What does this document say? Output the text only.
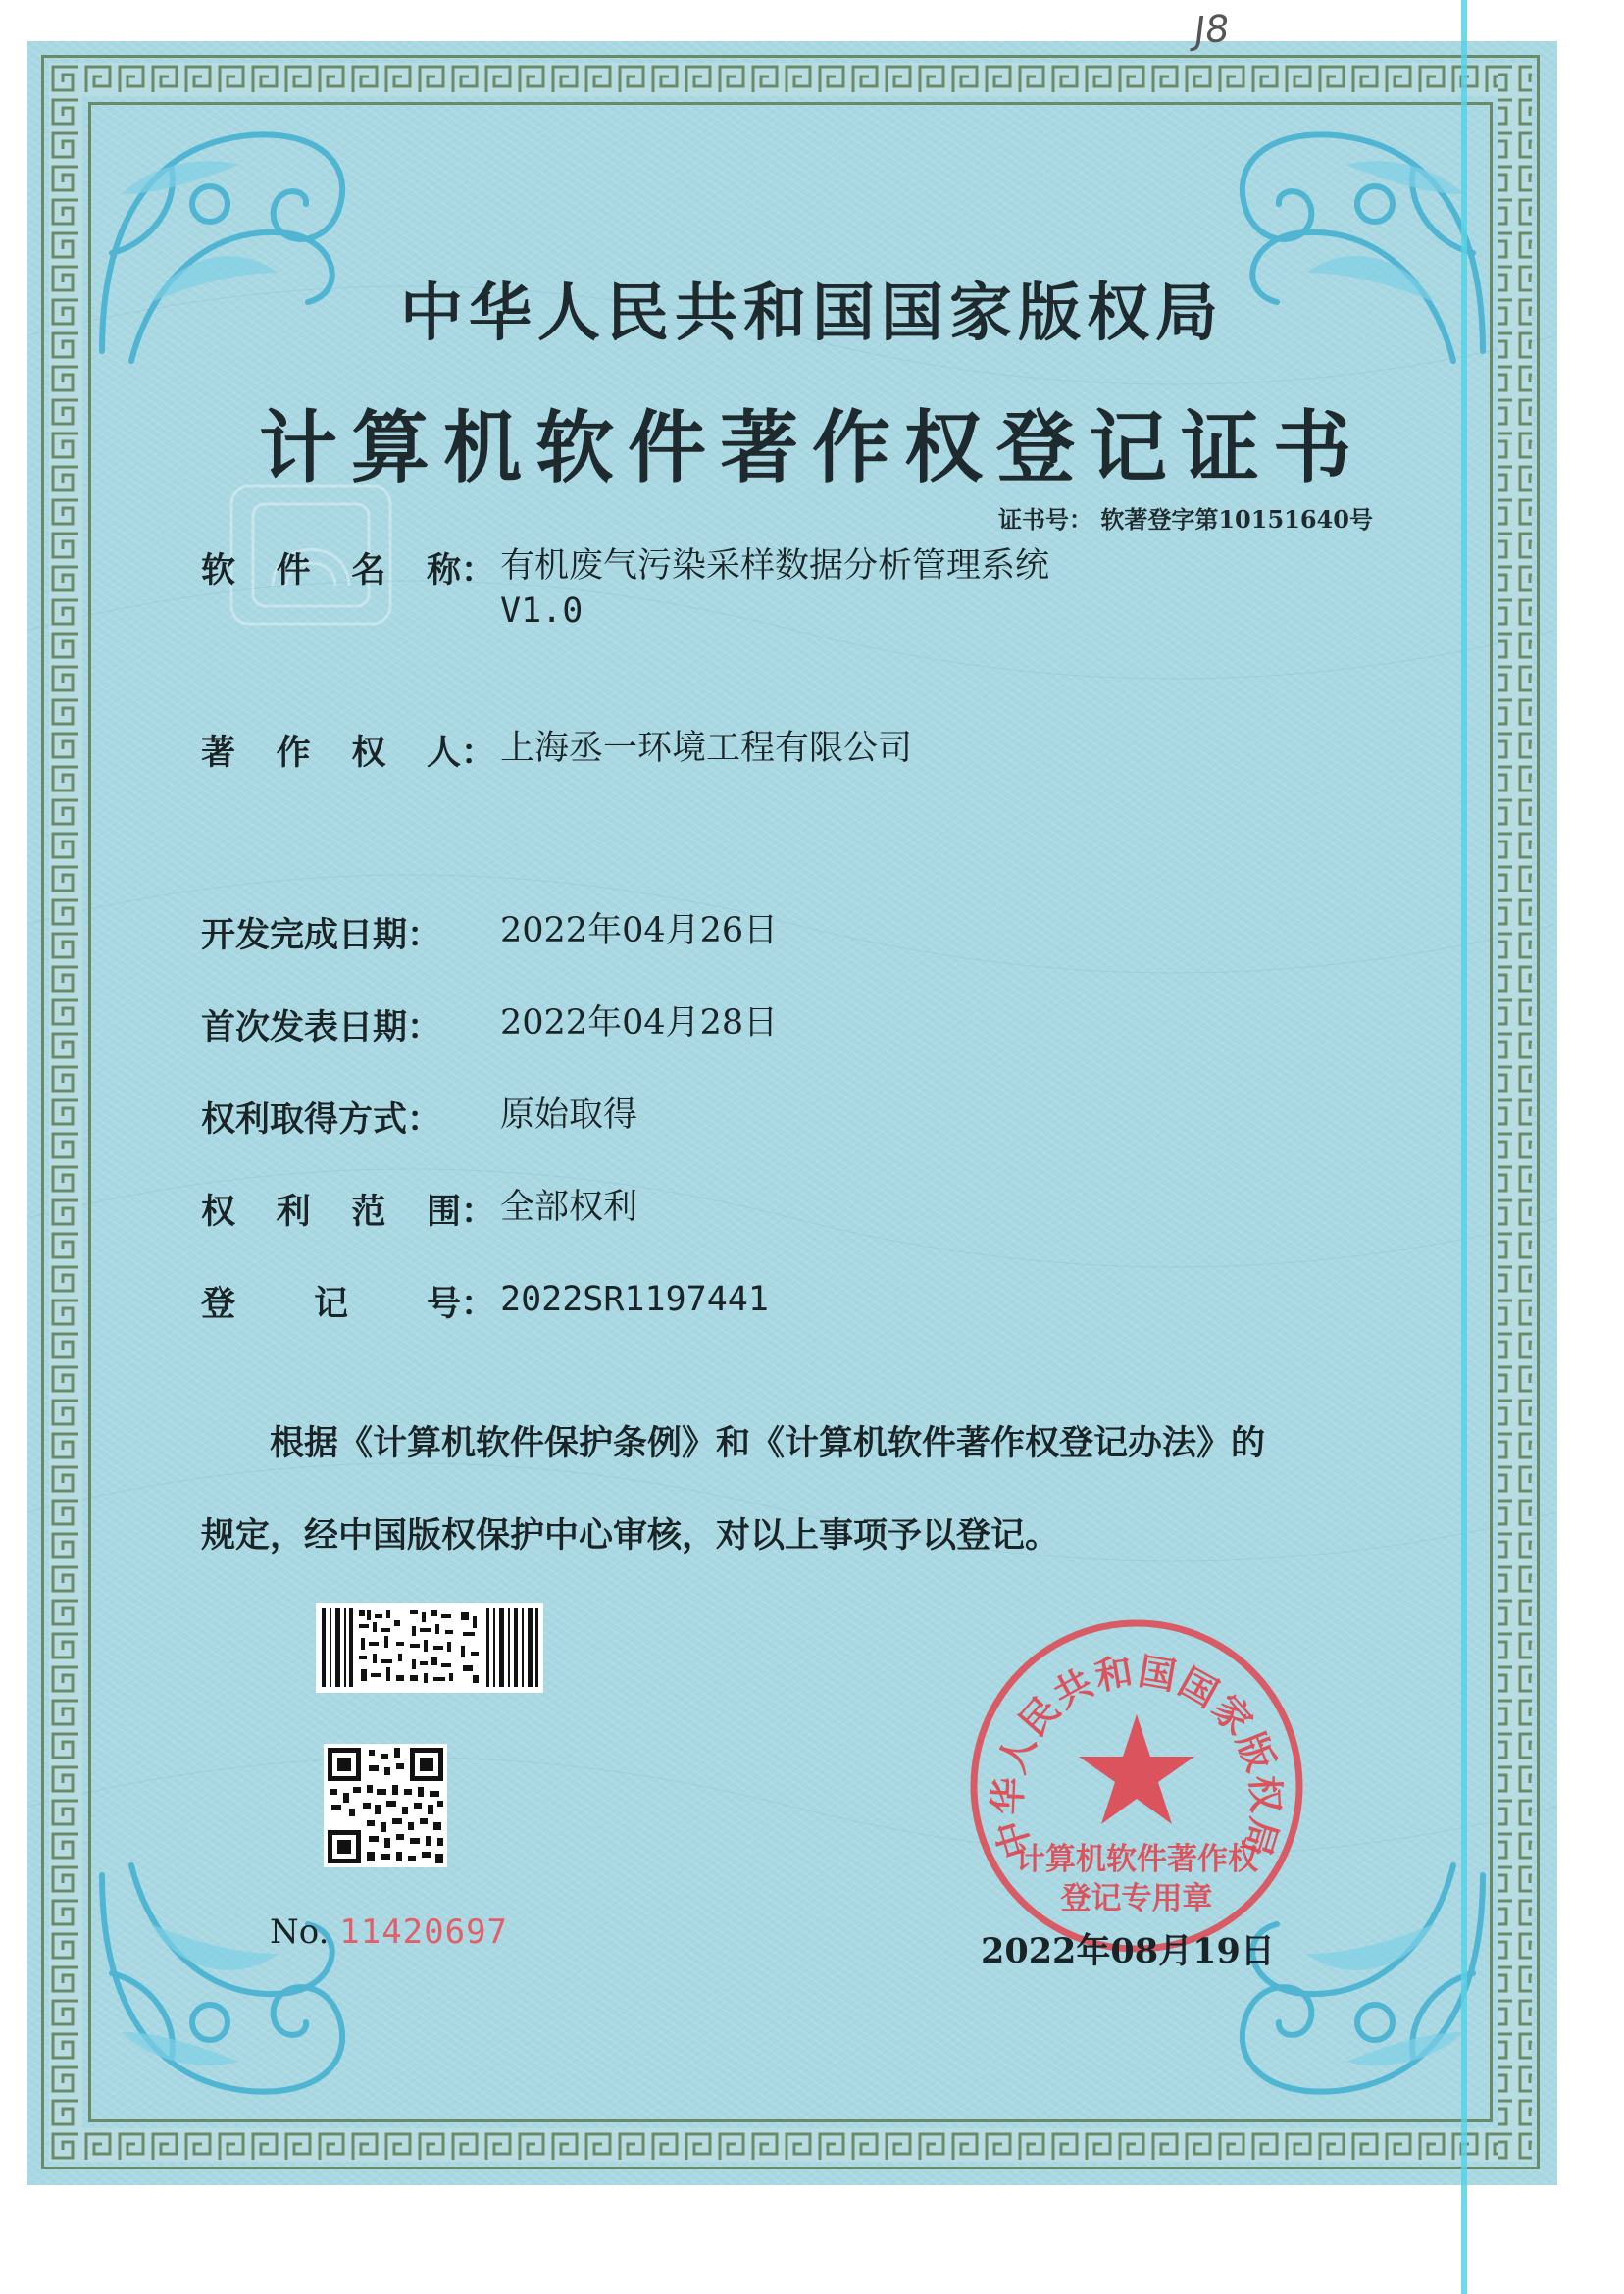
J8
中华人民共和国国家版权局
计算机软件著作权登记证书
证书号： 软著登字第10151640号
软 件 名 称： 有机废气污染采样数据分析管理系统
V1.0
著 作 权 人： 上海丞一环境工程有限公司
开发完成日期： 2022年04月26日
首次发表日期： 2022年04月28日
权利取得方式： 原始取得
权 利 范 围： 全部权利
登 记 号： 2022SR1197441
根据《计算机软件保护条例》和《计算机软件著作权登记办法》的
规定，经中国版权保护中心审核，对以上事项予以登记。
No. 11420697
中华人民共和国国家版权局
计算机软件著作权
登记专用章
2022年08月19日
